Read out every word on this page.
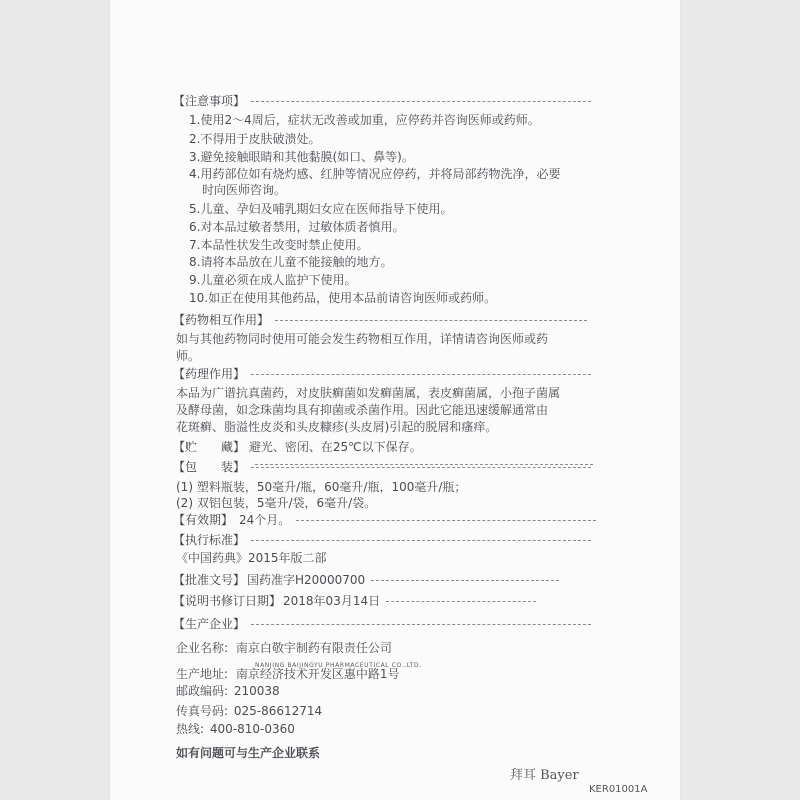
【注意事项】
1.使用2～4周后，症状无改善或加重，应停药并咨询医师或药师。
2.不得用于皮肤破溃处。
3.避免接触眼睛和其他黏膜(如口、鼻等)。
4.用药部位如有烧灼感、红肿等情况应停药，并将局部药物洗净，必要
时向医师咨询。
5.儿童、孕妇及哺乳期妇女应在医师指导下使用。
6.对本品过敏者禁用，过敏体质者慎用。
7.本品性状发生改变时禁止使用。
8.请将本品放在儿童不能接触的地方。
9.儿童必须在成人监护下使用。
10.如正在使用其他药品，使用本品前请咨询医师或药师。
【药物相互作用】
如与其他药物同时使用可能会发生药物相互作用，详情请咨询医师或药
师。
【药理作用】
本品为广谱抗真菌药，对皮肤癣菌如发癣菌属，表皮癣菌属，小孢子菌属
及酵母菌，如念珠菌均具有抑菌或杀菌作用。因此它能迅速缓解通常由
花斑癣、脂溢性皮炎和头皮糠疹(头皮屑)引起的脱屑和瘙痒。
【贮　　藏】 避光、密闭、在25℃以下保存。
【包　　装】
(1) 塑料瓶装，50毫升/瓶，60毫升/瓶，100毫升/瓶；
(2) 双铝包装，5毫升/袋，6毫升/袋。
【有效期】 24个月。
【执行标准】
《中国药典》2015年版二部
【批准文号】 国药准字H20000700
【说明书修订日期】 2018年03月14日
【生产企业】
企业名称: 南京白敬宇制药有限责任公司
NANJING BAIJINGYU PHARMACEUTICAL CO.,LTD.
生产地址: 南京经济技术开发区惠中路1号
邮政编码: 210038
传真号码: 025-86612714
热线: 400-810-0360
如有问题可与生产企业联系
拜耳 Bayer
KER01001A
